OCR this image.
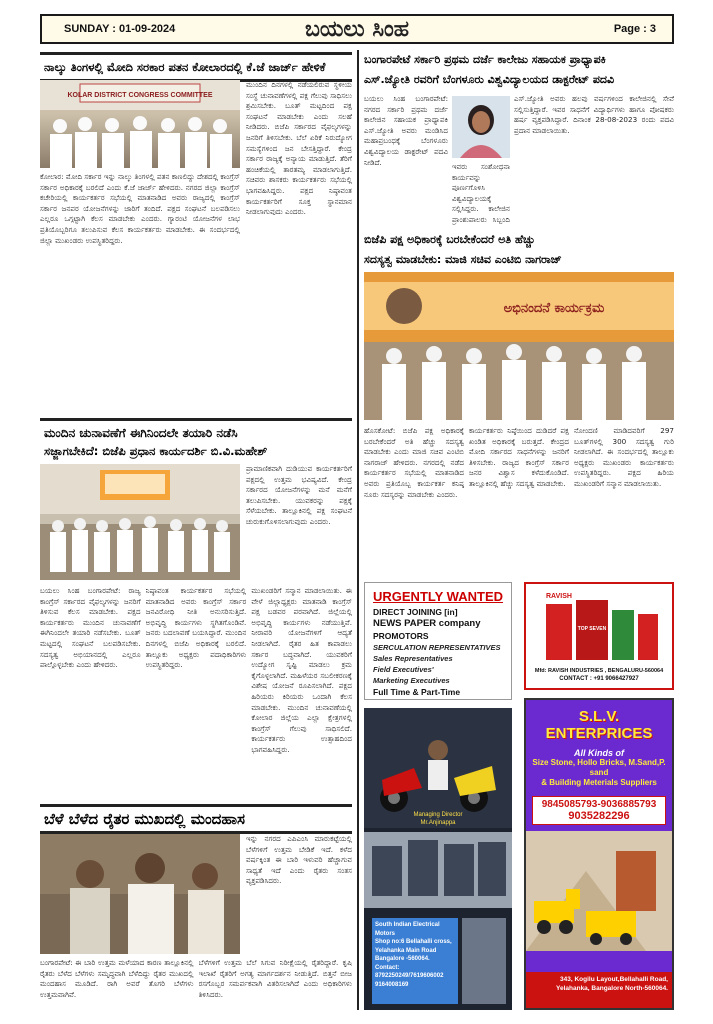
SUNDAY : 01-09-2024	ಬಯಲು ಸಿಂಹ	Page : 3
ನಾಲ್ಕು ತಿಂಗಳಲ್ಲಿ ಮೋದಿ ಸರಕಾರ ಪತನ ಕೋಲಾರದಲ್ಲಿ ಕೆ.ಜೆ ಜಾರ್ಜ್ ಹೇಳಿಕೆ
KOLAR DISTRICT CONGRESS COMMITTEE
ಕೋಲಾರ: ಮೋದಿ ಸರ್ಕಾರ ಇನ್ನು ನಾಲ್ಕು ತಿಂಗಳಲ್ಲಿ ಪತನ ಕಾಣಲಿದ್ದು ದೇಶದಲ್ಲಿ ಕಾಂಗ್ರೆಸ್ ಸರ್ಕಾರ ಅಧಿಕಾರಕ್ಕೆ ಬರಲಿದೆ ಎಂದು ಕೆ.ಜೆ ಜಾರ್ಜ್ ಹೇಳಿದರು. ನಗರದ ಜಿಲ್ಲಾ ಕಾಂಗ್ರೆಸ್ ಕಚೇರಿಯಲ್ಲಿ ಕಾರ್ಯಕರ್ತರ ಸಭೆಯಲ್ಲಿ ಮಾತನಾಡಿದ ಅವರು ರಾಜ್ಯದಲ್ಲಿ ಕಾಂಗ್ರೆಸ್ ಸರ್ಕಾರ ಜನಪರ ಯೋಜನೆಗಳನ್ನು ಜಾರಿಗೆ ತಂದಿದೆ. ಪಕ್ಷದ ಸಂಘಟನೆ ಬಲಪಡಿಸಲು ಎಲ್ಲರೂ ಒಗ್ಗಟ್ಟಾಗಿ ಕೆಲಸ ಮಾಡಬೇಕು ಎಂದರು. ಗ್ಯಾರಂಟಿ ಯೋಜನೆಗಳ ಲಾಭ ಪ್ರತಿಯೊಬ್ಬರಿಗೂ ತಲುಪಿಸುವ ಕೆಲಸ ಕಾರ್ಯಕರ್ತರು ಮಾಡಬೇಕು. ಈ ಸಂದರ್ಭದಲ್ಲಿ ಜಿಲ್ಲಾ ಮುಖಂಡರು ಉಪಸ್ಥಿತರಿದ್ದರು.
ಮುಂದಿನ ದಿನಗಳಲ್ಲಿ ನಡೆಯಲಿರುವ ಸ್ಥಳೀಯ ಸಂಸ್ಥೆ ಚುನಾವಣೆಗಳಲ್ಲಿ ಪಕ್ಷ ಗೆಲುವು ಸಾಧಿಸಲು ಶ್ರಮಿಸಬೇಕು. ಬೂತ್ ಮಟ್ಟದಿಂದ ಪಕ್ಷ ಸಂಘಟನೆ ಮಾಡಬೇಕು ಎಂದು ಸಲಹೆ ನೀಡಿದರು. ಬಿಜೆಪಿ ಸರ್ಕಾರದ ವೈಫಲ್ಯಗಳನ್ನು ಜನರಿಗೆ ತಿಳಿಸಬೇಕು. ಬೆಲೆ ಏರಿಕೆ ನಿರುದ್ಯೋಗ ಸಮಸ್ಯೆಗಳಿಂದ ಜನ ಬೇಸತ್ತಿದ್ದಾರೆ. ಕೇಂದ್ರ ಸರ್ಕಾರ ರಾಜ್ಯಕ್ಕೆ ಅನ್ಯಾಯ ಮಾಡುತ್ತಿದೆ. ತೆರಿಗೆ ಹಂಚಿಕೆಯಲ್ಲಿ ತಾರತಮ್ಯ ಮಾಡಲಾಗುತ್ತಿದೆ. ಸಚಿವರು ಶಾಸಕರು ಕಾರ್ಯಕರ್ತರು ಸಭೆಯಲ್ಲಿ ಭಾಗವಹಿಸಿದ್ದರು. ಪಕ್ಷದ ನಿಷ್ಠಾವಂತ ಕಾರ್ಯಕರ್ತರಿಗೆ ಸೂಕ್ತ ಸ್ಥಾನಮಾನ ನೀಡಲಾಗುವುದು ಎಂದರು.
ಮಂದಿನ ಚುನಾವಣೆಗೆ ಈಗಿನಿಂದಲೇ ತಯಾರಿ ನಡೆಸಿ
ಸಜ್ಜಾಗಬೇಕಿದೆ: ಬಿಜೆಪಿ ಪ್ರಧಾನ ಕಾರ್ಯದರ್ಶಿ ಬಿ.ವಿ.ಮಹೇಶ್
ಪ್ರಾಮಾಣಿಕವಾಗಿ ದುಡಿಯುವ ಕಾರ್ಯಕರ್ತರಿಗೆ ಪಕ್ಷದಲ್ಲಿ ಉತ್ತಮ ಭವಿಷ್ಯವಿದೆ. ಕೇಂದ್ರ ಸರ್ಕಾರದ ಯೋಜನೆಗಳನ್ನು ಮನೆ ಮನೆಗೆ ತಲುಪಿಸಬೇಕು. ಯುವಕರನ್ನು ಪಕ್ಷಕ್ಕೆ ಸೆಳೆಯಬೇಕು. ತಾಲ್ಲೂಕಿನಲ್ಲಿ ಪಕ್ಷ ಸಂಘಟನೆ ಚುರುಕುಗೊಳಿಸಲಾಗುವುದು ಎಂದರು.
ಬಯಲು ಸಿಂಹ ಬಂಗಾರಪೇಟೆ: ರಾಜ್ಯ ಕಾಂಗ್ರೆಸ್ ಸರ್ಕಾರದ ವೈಫಲ್ಯಗಳನ್ನು ಜನರಿಗೆ ತಿಳಿಸುವ ಕೆಲಸ ಮಾಡಬೇಕು. ಪಕ್ಷದ ಕಾರ್ಯಕರ್ತರು ಮುಂದಿನ ಚುನಾವಣೆಗೆ ಈಗಿನಿಂದಲೇ ತಯಾರಿ ನಡೆಸಬೇಕು. ಬೂತ್ ಮಟ್ಟದಲ್ಲಿ ಸಂಘಟನೆ ಬಲಪಡಿಸಬೇಕು. ಸದಸ್ಯತ್ವ ಅಭಿಯಾನದಲ್ಲಿ ಎಲ್ಲರೂ ಪಾಲ್ಗೊಳ್ಳಬೇಕು ಎಂದು ಹೇಳಿದರು.
ನಿಷ್ಠಾವಂತ ಕಾರ್ಯಕರ್ತರ ಸಭೆಯಲ್ಲಿ ಮಾತನಾಡಿದ ಅವರು ಕಾಂಗ್ರೆಸ್ ಸರ್ಕಾರ ಜನವಿರೋಧಿ ನೀತಿ ಅನುಸರಿಸುತ್ತಿದೆ. ಅಭಿವೃದ್ಧಿ ಕಾರ್ಯಗಳು ಸ್ಥಗಿತಗೊಂಡಿವೆ. ಜನರು ಬದಲಾವಣೆ ಬಯಸಿದ್ದಾರೆ. ಮುಂದಿನ ದಿನಗಳಲ್ಲಿ ಬಿಜೆಪಿ ಅಧಿಕಾರಕ್ಕೆ ಬರಲಿದೆ. ತಾಲ್ಲೂಕು ಅಧ್ಯಕ್ಷರು ಪದಾಧಿಕಾರಿಗಳು ಉಪಸ್ಥಿತರಿದ್ದರು.
ಮುಖಂಡರಿಗೆ ಸನ್ಮಾನ ಮಾಡಲಾಯಿತು. ಈ ವೇಳೆ ಜಿಲ್ಲಾಧ್ಯಕ್ಷರು ಮಾತನಾಡಿ ಕಾಂಗ್ರೆಸ್ ಪಕ್ಷ ಬಡವರ ಪರವಾಗಿದೆ. ಜಿಲ್ಲೆಯಲ್ಲಿ ಅಭಿವೃದ್ಧಿ ಕಾರ್ಯಗಳು ನಡೆಯುತ್ತಿವೆ. ನೀರಾವರಿ ಯೋಜನೆಗಳಿಗೆ ಆದ್ಯತೆ ನೀಡಲಾಗಿದೆ. ರೈತರ ಹಿತ ಕಾಪಾಡಲು ಸರ್ಕಾರ ಬದ್ಧವಾಗಿದೆ. ಯುವಕರಿಗೆ ಉದ್ಯೋಗ ಸೃಷ್ಟಿ ಮಾಡಲು ಕ್ರಮ ಕೈಗೊಳ್ಳಲಾಗಿದೆ. ಮಹಿಳೆಯರ ಸಬಲೀಕರಣಕ್ಕೆ ವಿಶೇಷ ಯೋಜನೆ ರೂಪಿಸಲಾಗಿದೆ. ಪಕ್ಷದ ಹಿರಿಯರು ಕಿರಿಯರು ಒಂದಾಗಿ ಕೆಲಸ ಮಾಡಬೇಕು. ಮುಂದಿನ ಚುನಾವಣೆಯಲ್ಲಿ ಕೋಲಾರ ಜಿಲ್ಲೆಯ ಎಲ್ಲಾ ಕ್ಷೇತ್ರಗಳಲ್ಲಿ ಕಾಂಗ್ರೆಸ್ ಗೆಲುವು ಸಾಧಿಸಲಿದೆ. ಕಾರ್ಯಕರ್ತರು ಉತ್ಸಾಹದಿಂದ ಭಾಗವಹಿಸಿದ್ದರು.
ಬೆಳೆ ಬೆಳೆದ ರೈತರ ಮುಖದಲ್ಲಿ ಮಂದಹಾಸ
ಇನ್ನು ನಗರದ ಎಪಿಎಂಸಿ ಮಾರುಕಟ್ಟೆಯಲ್ಲಿ ಬೆಳೆಗಳಿಗೆ ಉತ್ತಮ ಬೇಡಿಕೆ ಇದೆ. ಕಳೆದ ವರ್ಷಕ್ಕಿಂತ ಈ ಬಾರಿ ಇಳುವರಿ ಹೆಚ್ಚಾಗುವ ಸಾಧ್ಯತೆ ಇದೆ ಎಂದು ರೈತರು ಸಂತಸ ವ್ಯಕ್ತಪಡಿಸಿದರು.
ಬಂಗಾರಪೇಟೆ: ಈ ಬಾರಿ ಉತ್ತಮ ಮಳೆಯಾದ ಕಾರಣ ತಾಲ್ಲೂಕಿನಲ್ಲಿ ರೈತರು ಬೆಳೆದ ಬೆಳೆಗಳು ಸಮೃದ್ಧವಾಗಿ ಬೆಳೆದಿದ್ದು ರೈತರ ಮುಖದಲ್ಲಿ ಮಂದಹಾಸ ಮೂಡಿದೆ. ರಾಗಿ ಅವರೆ ತೊಗರಿ ಬೆಳೆಗಳು ಉತ್ತಮವಾಗಿವೆ.
ಬೆಳೆಗಳಿಗೆ ಉತ್ತಮ ಬೆಲೆ ಸಿಗುವ ನಿರೀಕ್ಷೆಯಲ್ಲಿ ರೈತರಿದ್ದಾರೆ. ಕೃಷಿ ಇಲಾಖೆ ರೈತರಿಗೆ ಅಗತ್ಯ ಮಾರ್ಗದರ್ಶನ ನೀಡುತ್ತಿದೆ. ಬಿತ್ತನೆ ಬೀಜ ರಸಗೊಬ್ಬರ ಸಮರ್ಪಕವಾಗಿ ವಿತರಿಸಲಾಗಿದೆ ಎಂದು ಅಧಿಕಾರಿಗಳು ತಿಳಿಸಿದರು.
ಬಂಗಾರಪೇಟೆ ಸರ್ಕಾರಿ ಪ್ರಥಮ ದರ್ಜೆ ಕಾಲೇಜು ಸಹಾಯಕ ಪ್ರಾಧ್ಯಾಪಕಿ
ಎಸ್.ಜ್ಯೋತಿ ರವರಿಗೆ ಬೆಂಗಳೂರು ವಿಶ್ವವಿದ್ಯಾಲಯದ ಡಾಕ್ಟರೇಟ್ ಪದವಿ
ಬಯಲು ಸಿಂಹ ಬಂಗಾರಪೇಟೆ: ನಗರದ ಸರ್ಕಾರಿ ಪ್ರಥಮ ದರ್ಜೆ ಕಾಲೇಜಿನ ಸಹಾಯಕ ಪ್ರಾಧ್ಯಾಪಕಿ ಎಸ್.ಜ್ಯೋತಿ ಅವರು ಮಂಡಿಸಿದ ಮಹಾಪ್ರಬಂಧಕ್ಕೆ ಬೆಂಗಳೂರು ವಿಶ್ವವಿದ್ಯಾಲಯ ಡಾಕ್ಟರೇಟ್ ಪದವಿ ನೀಡಿದೆ.	ಇವರು ಸಂಶೋಧನಾ ಕಾರ್ಯವನ್ನು ಪೂರ್ಣಗೊಳಿಸಿ ವಿಶ್ವವಿದ್ಯಾಲಯಕ್ಕೆ ಸಲ್ಲಿಸಿದ್ದರು. ಕಾಲೇಜಿನ ಪ್ರಾಂಶುಪಾಲರು ಸಿಬ್ಬಂದಿ
ಎಸ್.ಜ್ಯೋತಿ ಅವರು ಹಲವು ವರ್ಷಗಳಿಂದ ಕಾಲೇಜಿನಲ್ಲಿ ಸೇವೆ ಸಲ್ಲಿಸುತ್ತಿದ್ದಾರೆ. ಇವರ ಸಾಧನೆಗೆ ವಿದ್ಯಾರ್ಥಿಗಳು ಹಾಗೂ ಪೋಷಕರು ಹರ್ಷ ವ್ಯಕ್ತಪಡಿಸಿದ್ದಾರೆ. ದಿನಾಂಕ 28-08-2023 ರಂದು ಪದವಿ ಪ್ರದಾನ ಮಾಡಲಾಯಿತು.
ಬಿಜೆಪಿ ಪಕ್ಷ ಅಧಿಕಾರಕ್ಕೆ ಬರಬೇಕೆಂದರೆ ಅತಿ ಹೆಚ್ಚು
ಸದಸ್ಯತ್ವ ಮಾಡಬೇಕು: ಮಾಜಿ ಸಚಿವ ಎಂಟಿಬಿ ನಾಗರಾಜ್
ಅಭಿನಂದನೆ ಕಾರ್ಯಕ್ರಮ
ಹೊಸಕೋಟೆ: ಬಿಜೆಪಿ ಪಕ್ಷ ಅಧಿಕಾರಕ್ಕೆ ಬರಬೇಕೆಂದರೆ ಅತಿ ಹೆಚ್ಚು ಸದಸ್ಯತ್ವ ಮಾಡಬೇಕು ಎಂದು ಮಾಜಿ ಸಚಿವ ಎಂಟಿಬಿ ನಾಗರಾಜ್ ಹೇಳಿದರು. ನಗರದಲ್ಲಿ ನಡೆದ ಕಾರ್ಯಕರ್ತರ ಸಭೆಯಲ್ಲಿ ಮಾತನಾಡಿದ ಅವರು ಪ್ರತಿಯೊಬ್ಬ ಕಾರ್ಯಕರ್ತ ಕನಿಷ್ಠ ನೂರು ಸದಸ್ಯರನ್ನು ಮಾಡಬೇಕು ಎಂದರು.
ಕಾರ್ಯಕರ್ತರು ನಿಷ್ಠೆಯಿಂದ ದುಡಿದರೆ ಪಕ್ಷ ಖಂಡಿತ ಅಧಿಕಾರಕ್ಕೆ ಬರುತ್ತದೆ. ಕೇಂದ್ರದ ಮೋದಿ ಸರ್ಕಾರದ ಸಾಧನೆಗಳನ್ನು ಜನರಿಗೆ ತಿಳಿಸಬೇಕು. ರಾಜ್ಯದ ಕಾಂಗ್ರೆಸ್ ಸರ್ಕಾರ ಜನರ ವಿಶ್ವಾಸ ಕಳೆದುಕೊಂಡಿದೆ. ತಾಲ್ಲೂಕಿನಲ್ಲಿ ಹೆಚ್ಚು ಸದಸ್ಯತ್ವ ಮಾಡಬೇಕು.
ನೋಂದಣಿ ಮಾಡಿದವರಿಗೆ 297 ಬೂತ್‌ಗಳಲ್ಲಿ 300 ಸದಸ್ಯತ್ವ ಗುರಿ ನೀಡಲಾಗಿದೆ. ಈ ಸಂದರ್ಭದಲ್ಲಿ ತಾಲ್ಲೂಕು ಅಧ್ಯಕ್ಷರು ಮುಖಂಡರು ಕಾರ್ಯಕರ್ತರು ಉಪಸ್ಥಿತರಿದ್ದರು. ಪಕ್ಷದ ಹಿರಿಯ ಮುಖಂಡರಿಗೆ ಸನ್ಮಾನ ಮಾಡಲಾಯಿತು.
URGENTLY WANTED
DIRECT JOINING [in]
NEWS PAPER company
PROMOTORS
SERCULATION REPRESENTATIVES
Sales Representatives
Field Executives'
Marketing Executives
Full Time & Part-Time
RAVISH
TOP SEVEN
Mfd: RAVISH INDUSTRIES , BENGALURU-560064
CONTACT : +91 9066427927
Managing Director
Mr.Anjinappa
South Indian Electrical Motors
Shop no:6 Bellahalli cross,
Yelahanka Main Road
Bangalore -560064.
Contact:
8792250249/7619606002
9164008169
S.L.V. ENTERPRICES
All Kinds of
Size Stone, Hollo Bricks, M.Sand,P. sand
& Building Meterials Suppliers
9845085793-9036885793
9035282296
343, Kogilu Layout,Bellahalli Road,
Yelahanka, Bangalore North-560064.
